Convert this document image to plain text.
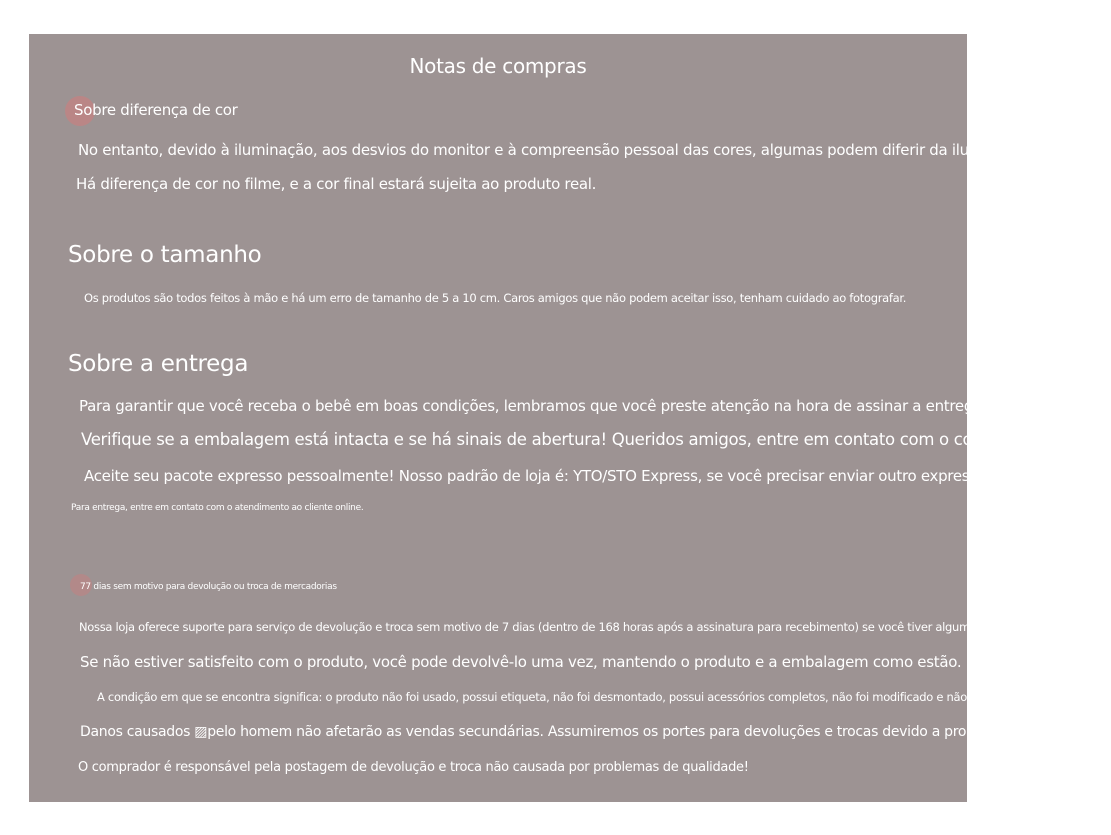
Notas de compras
Sobre diferença de cor
No entanto, devido à iluminação, aos desvios do monitor e à compreensão pessoal das cores, algumas podem diferir da iluminação
Há diferença de cor no filme, e a cor final estará sujeita ao produto real.
Sobre o tamanho
Os produtos são todos feitos à mão e há um erro de tamanho de 5 a 10 cm. Caros amigos que não podem aceitar isso, tenham cuidado ao fotografar.
Sobre a entrega
Para garantir que você receba o bebê em boas condições, lembramos que você preste atenção na hora de assinar a entrega expressa.
Verifique se a embalagem está intacta e se há sinais de abertura! Queridos amigos, entre em contato com o correio
Aceite seu pacote expresso pessoalmente! Nosso padrão de loja é: YTO/STO Express, se você precisar enviar outro expresso
Para entrega, entre em contato com o atendimento ao cliente online.
77 dias sem motivo para devolução ou troca de mercadorias
Nossa loja oferece suporte para serviço de devolução e troca sem motivo de 7 dias (dentro de 168 horas após a assinatura para recebimento) se você tiver alguma dúvida sobre nós
Se não estiver satisfeito com o produto, você pode devolvê-lo uma vez, mantendo o produto e a embalagem como estão. Bens e pacotes
A condição em que se encontra significa: o produto não foi usado, possui etiqueta, não foi desmontado, possui acessórios completos, não foi modificado e não possui
Danos causados ▨pelo homem não afetarão as vendas secundárias. Assumiremos os portes para devoluções e trocas devido a problemas de qualidade.
O comprador é responsável pela postagem de devolução e troca não causada por problemas de qualidade!
